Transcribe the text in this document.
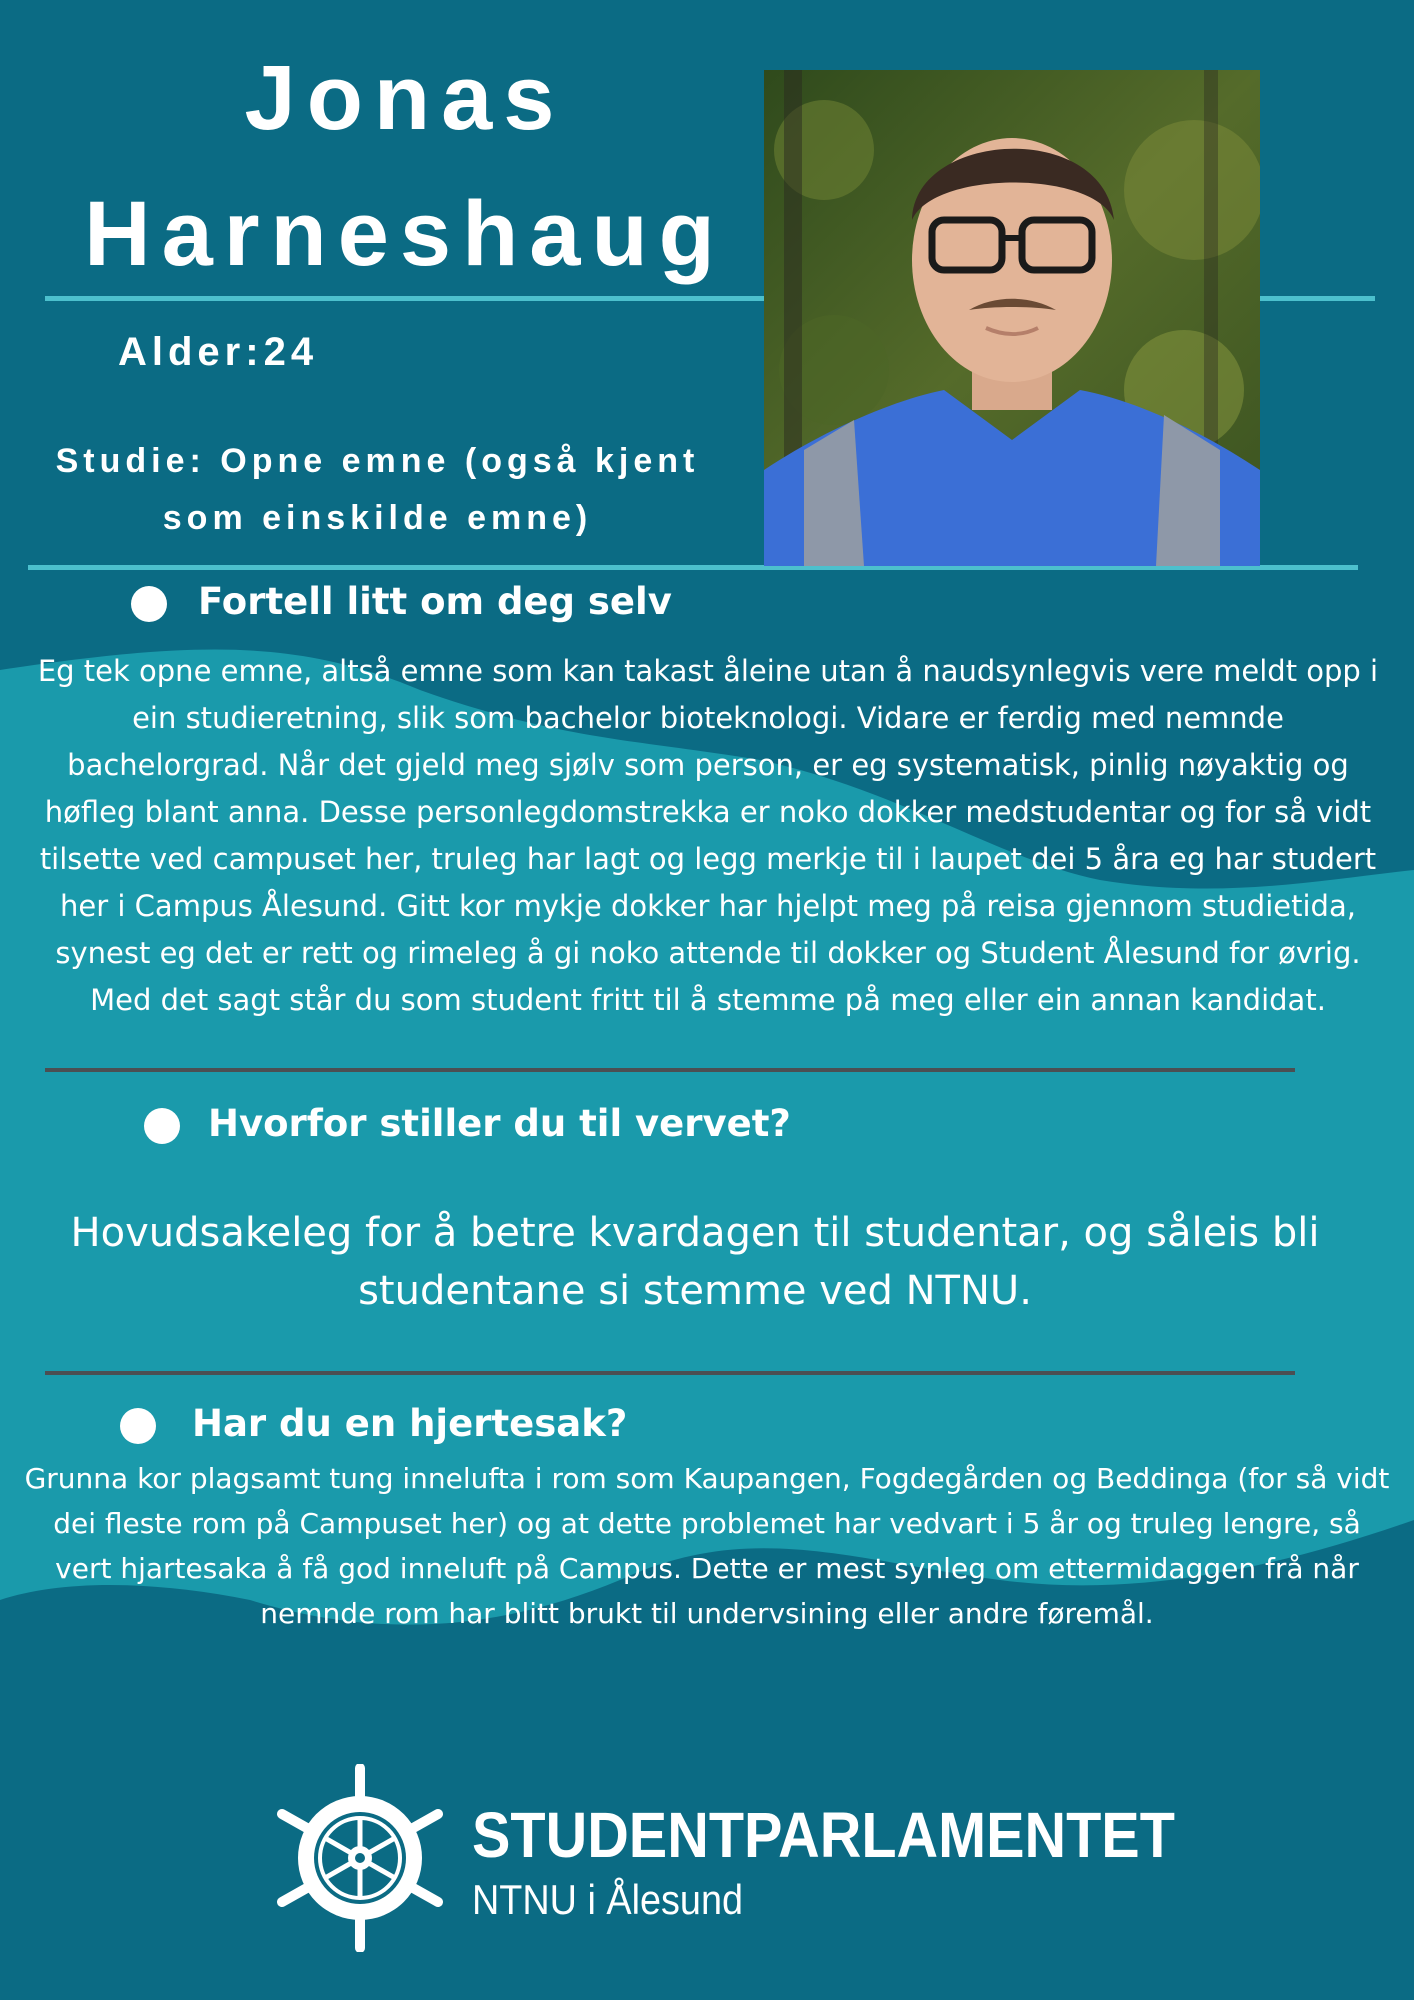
Jonas
Harneshaug
Alder:24
Studie: Opne emne (også kjent
som einskilde emne)
Fortell litt om deg selv
Eg tek opne emne, altså emne som kan takast åleine utan å naudsynlegvis vere meldt opp i ein studieretning, slik som bachelor bioteknologi. Vidare er ferdig med nemnde bachelorgrad. Når det gjeld meg sjølv som person, er eg systematisk, pinlig nøyaktig og høfleg blant anna. Desse personlegdomstrekka er noko dokker medstudentar og for så vidt tilsette ved campuset her, truleg har lagt og legg merkje til i laupet dei 5 åra eg har studert her i Campus Ålesund. Gitt kor mykje dokker har hjelpt meg på reisa gjennom studietida, synest eg det er rett og rimeleg å gi noko attende til dokker og Student Ålesund for øvrig. Med det sagt står du som student fritt til å stemme på meg eller ein annan kandidat.
Hvorfor stiller du til vervet?
Hovudsakeleg for å betre kvardagen til studentar, og såleis bli studentane si stemme ved NTNU.
Har du en hjertesak?
Grunna kor plagsamt tung innelufta i rom som Kaupangen, Fogdegården og Beddinga (for så vidt dei fleste rom på Campuset her) og at dette problemet har vedvart i 5 år og truleg lengre, så vert hjartesaka å få god inneluft på Campus. Dette er mest synleg om ettermidaggen frå når nemnde rom har blitt brukt til undervsining eller andre føremål.
STUDENTPARLAMENTET
NTNU i Ålesund
